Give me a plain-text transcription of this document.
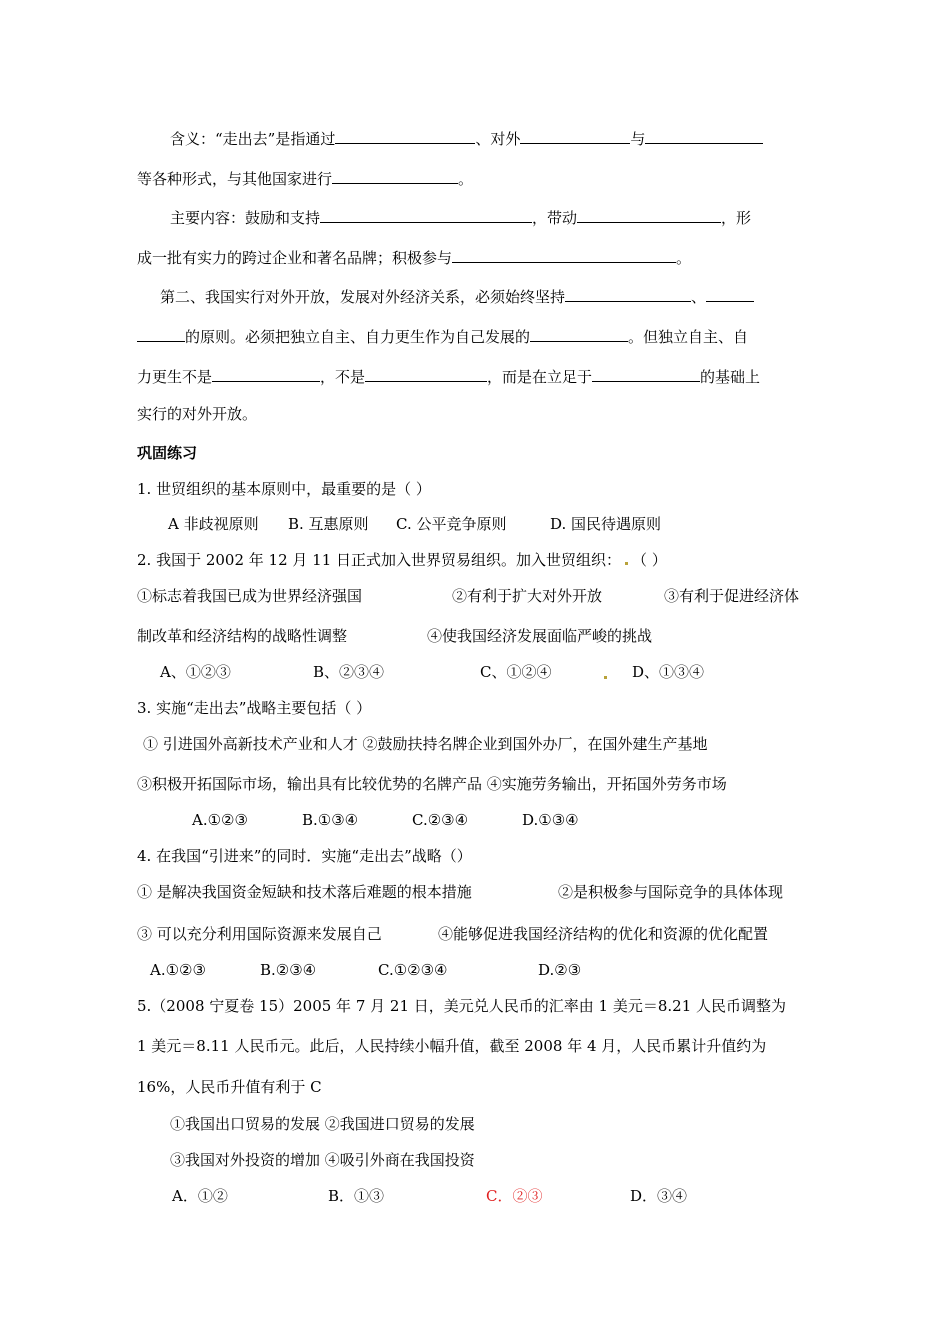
含义：“走出去”是指通过	、对外	与
等各种形式，与其他国家进行	。
主要内容：鼓励和支持	，带动	，形
成一批有实力的跨过企业和著名品牌；积极参与	。
第二、我国实行对外开放，发展对外经济关系，必须始终坚持	、
的原则。必须把独立自主、自力更生作为自己发展的	。但独立自主、自
力更生不是	，不是	，而是在立足于	的基础上
实行的对外开放。
巩固练习
1. 世贸组织的基本原则中，最重要的是（ ）
A 非歧视原则 B. 互惠原则 C. 公平竞争原则	D. 国民待遇原则
2. 我国于 2002 年 12 月 11 日正式加入世界贸易组织。加入世贸组织： （ ）
①标志着我国已成为世界经济强国	②有利于扩大对外开放	③有利于促进经济体
制改革和经济结构的战略性调整	④使我国经济发展面临严峻的挑战
A、①②③	B、②③④	C、①②④	D、①③④
3. 实施“走出去”战略主要包括（ ）
① 引进国外高新技术产业和人才 ②鼓励扶持名牌企业到国外办厂，在国外建生产基地
③积极开拓国际市场，输出具有比较优势的名牌产品 ④实施劳务输出，开拓国外劳务市场
A.①②③	B.①③④	C.②③④	D.①③④
4. 在我国“引进来”的同时．实施“走出去”战略（）
① 是解决我国资金短缺和技术落后难题的根本措施	②是积极参与国际竞争的具体体现
③ 可以充分利用国际资源来发展自己	④能够促进我国经济结构的优化和资源的优化配置
A.①②③	B.②③④	C.①②③④	D.②③
5.（2008 宁夏卷 15）2005 年 7 月 21 日，美元兑人民币的汇率由 1 美元＝8.21 人民币调整为
1 美元＝8.11 人民币元。此后，人民持续小幅升值，截至 2008 年 4 月，人民币累计升值约为
16%，人民币升值有利于 C
①我国出口贸易的发展 ②我国进口贸易的发展
③我国对外投资的增加 ④吸引外商在我国投资
A．①②	B．①③	C．②③	D．③④
